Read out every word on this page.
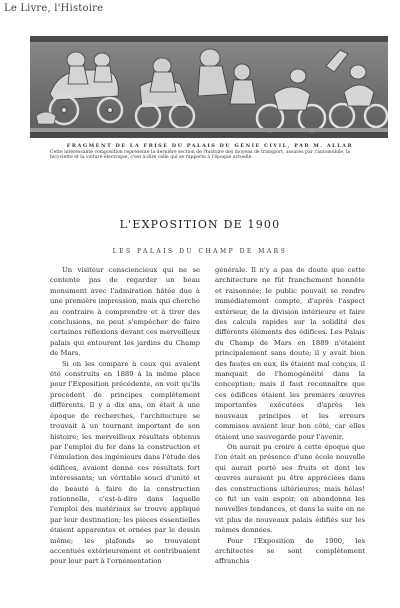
Le Livre, l'Histoire
FRAGMENT DE LA FRISE DU PALAIS DU GÉNIE CIVIL, PAR M. ALLAR
Cette intéressante composition représente la dernière section de l'histoire des moyens de transport, assurés par l'automobile, la bicyclette et la voiture électrique, c'est-à-dire celle qui se rapporte à l'époque actuelle.
L'EXPOSITION DE 1900
LES PALAIS DU CHAMP DE MARS

Un visiteur consciencieux qui ne se contente pas de regarder un beau monument avec l'admiration hâtée due à une première impression, mais qui cherche au contraire à comprendre et à tirer des conclusions, ne peut s'empêcher de faire certaines réflexions devant ces merveilleux palais qui entourent les jardins du Champ de Mars.

Si on les compare à ceux qui avaient été construits en 1889 à la même place pour l'Exposition précédente, on voit qu'ils procèdent de principes complètement différents. Il y a dix ans, on était à une époque de recherches, l'architecture se trouvait à un tournant important de son histoire; les merveilleux résultats obtenus par l'emploi du fer dans la construction et l'émulation des ingénieurs dans l'étude des édifices, avaient donné ces résultats fort intéressants; un véritable souci d'unité et de beauté à faire de la construction rationnelle, c'est-à-dire dans laquelle l'emploi des matériaux se trouve appliqué par leur destination; les pièces essentielles étaient apparentes et ornées par le dessin même; les plafonds se trouvaient accentués extérieurement et contribuaient pour leur part à l'ornementation

générale. Il n'y a pas de doute que cette architecture ne fût franchement honnête et raisonnée; le public pouvait se rendre immédiatement compte, d'après l'aspect extérieur, de la division intérieure et faire des calculs rapides sur la solidité des différents éléments des édifices. Les Palais du Champ de Mars en 1889 n'étaient principalement sans doute; il y avait bien des fautes en eux, ils étaient mal conçus, il manquait de l'homogénéité dans la conception; mais il faut reconnaître que ces édifices étaient les premiers œuvres importantes exécutées d'après les nouveaux principes et les erreurs commises avaient leur bon côté, car elles étaient une sauvegarde pour l'avenir.

On aurait pu croire à cette époque que l'on était en présence d'une école nouvelle qui aurait porté ses fruits et dont les œuvres auraient pu être appréciées dans des constructions ultérieures; mais hélas! ce fut un vain espoir, on abandonna les nouvelles tendances, et dans la suite on ne vit plus de nouveaux palais édifiés sur les mêmes données.

Pour l'Exposition de 1900, les architectes se sont complètement affranchis
